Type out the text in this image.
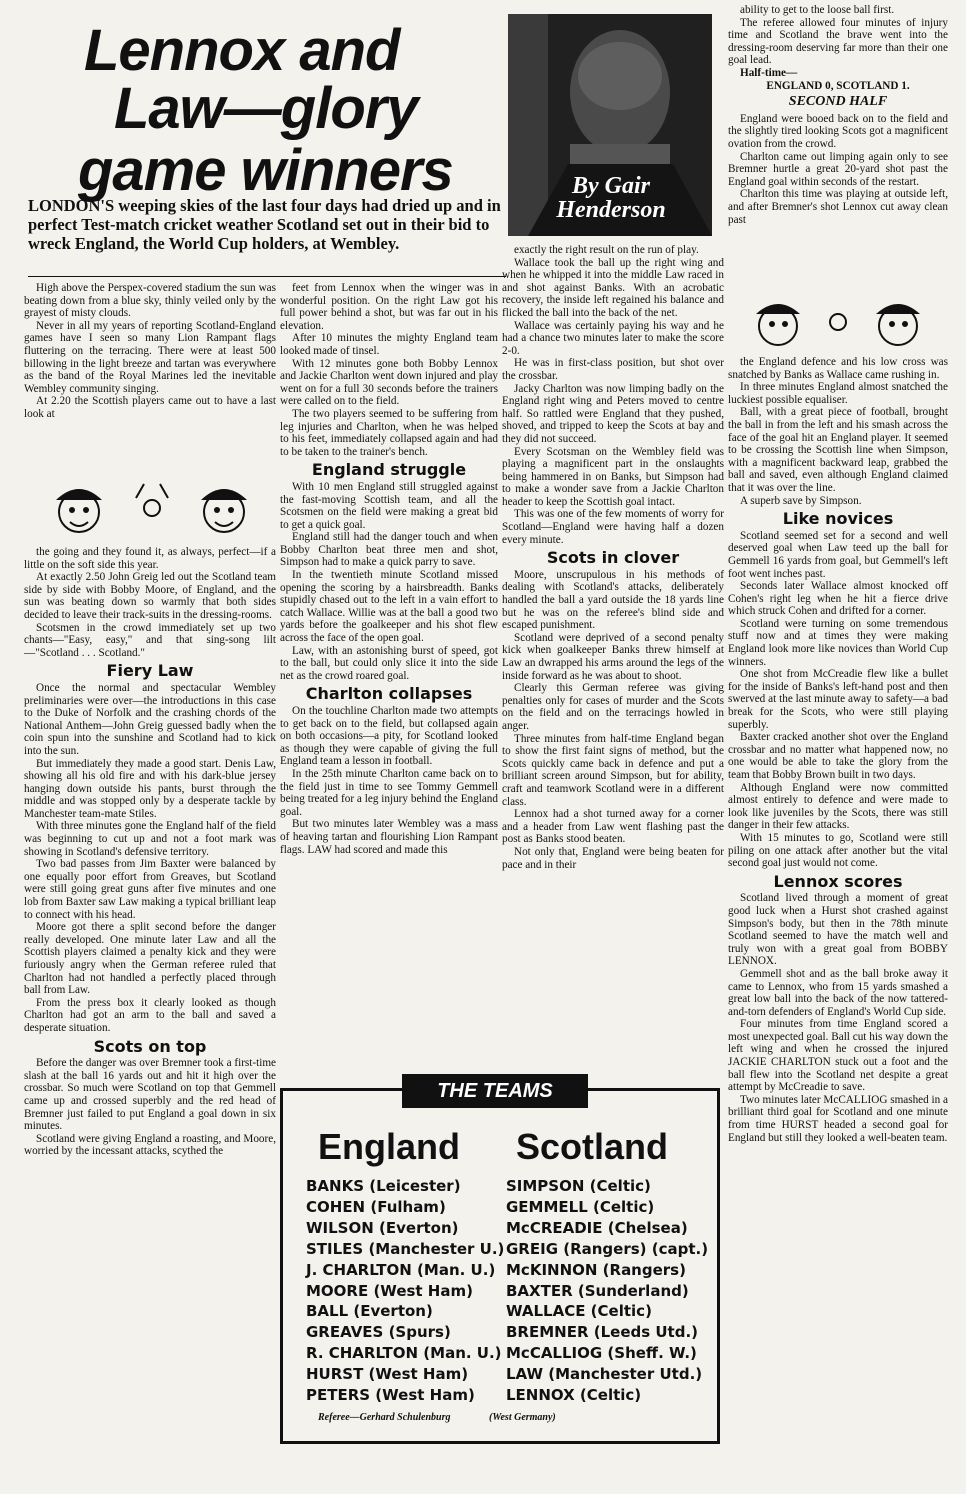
Lennox and
Law—glory
game winners	By Gair
Henderson
LONDON'S weeping skies of the last four days had dried up and in perfect Test-match cricket weather Scotland set out in their bid to wreck England, the World Cup holders, at Wembley.

High above the Perspex-covered stadium the sun was beating down from a blue sky, thinly veiled only by the grayest of misty clouds.

Never in all my years of reporting Scotland-England games have I seen so many Lion Rampant flags fluttering on the terracing. There were at least 500 billowing in the light breeze and tartan was everywhere as the band of the Royal Marines led the inevitable Wembley community singing.

At 2.20 the Scottish players came out to have a last look at

the going and they found it, as always, perfect—if a little on the soft side this year.

At exactly 2.50 John Greig led out the Scotland team side by side with Bobby Moore, of England, and the sun was beating down so warmly that both sides decided to leave their track-suits in the dressing-rooms.

Scotsmen in the crowd immediately set up two chants—"Easy, easy," and that sing-song lilt—"Scotland . . . Scotland."

Fiery Law

Once the normal and spectacular Wembley preliminaries were over—the introductions in this case to the Duke of Norfolk and the crashing chords of the National Anthem—John Greig guessed badly when the coin spun into the sunshine and Scotland had to kick into the sun.

But immediately they made a good start. Denis Law, showing all his old fire and with his dark-blue jersey hanging down outside his pants, burst through the middle and was stopped only by a desperate tackle by Manchester team-mate Stiles.

With three minutes gone the England half of the field was beginning to cut up and not a foot mark was showing in Scotland's defensive territory.

Two bad passes from Jim Baxter were balanced by one equally poor effort from Greaves, but Scotland were still going great guns after five minutes and one lob from Baxter saw Law making a typical brilliant leap to connect with his head.

Moore got there a split second before the danger really developed. One minute later Law and all the Scottish players claimed a penalty kick and they were furiously angry when the German referee ruled that Charlton had not handled a perfectly placed through ball from Law.

From the press box it clearly looked as though Charlton had got an arm to the ball and saved a desperate situation.

Scots on top

Before the danger was over Bremner took a first-time slash at the ball 16 yards out and hit it high over the crossbar. So much were Scotland on top that Gemmell came up and crossed superbly and the red head of Bremner just failed to put England a goal down in six minutes.

Scotland were giving England a roasting, and Moore, worried by the incessant attacks, scythed the

feet from Lennox when the winger was in wonderful position. On the right Law got his full power behind a shot, but was far out in his elevation.

After 10 minutes the mighty England team looked made of tinsel.

With 12 minutes gone both Bobby Lennox and Jackie Charlton went down injured and play went on for a full 30 seconds before the trainers were called on to the field.

The two players seemed to be suffering from leg injuries and Charlton, when he was helped to his feet, immediately collapsed again and had to be taken to the trainer's bench.

England struggle

With 10 men England still struggled against the fast-moving Scottish team, and all the Scotsmen on the field were making a great bid to get a quick goal.

England still had the danger touch and when Bobby Charlton beat three men and shot, Simpson had to make a quick parry to save.

In the twentieth minute Scotland missed opening the scoring by a hairsbreadth. Banks stupidly chased out to the left in a vain effort to catch Wallace. Willie was at the ball a good two yards before the goalkeeper and his shot flew across the face of the open goal.

Law, with an astonishing burst of speed, got to the ball, but could only slice it into the side net as the crowd roared goal.

Charlton collapses

On the touchline Charlton made two attempts to get back on to the field, but collapsed again on both occasions—a pity, for Scotland looked as though they were capable of giving the full England team a lesson in football.

In the 25th minute Charlton came back on to the field just in time to see Tommy Gemmell being treated for a leg injury behind the England goal.

But two minutes later Wembley was a mass of heaving tartan and flourishing Lion Rampant flags. LAW had scored and made this

exactly the right result on the run of play.

Wallace took the ball up the right wing and when he whipped it into the middle Law raced in and shot against Banks. With an acrobatic recovery, the inside left regained his balance and flicked the ball into the back of the net.

Wallace was certainly paying his way and he had a chance two minutes later to make the score 2-0.

He was in first-class position, but shot over the crossbar.

Jacky Charlton was now limping badly on the England right wing and Peters moved to centre half. So rattled were England that they pushed, shoved, and tripped to keep the Scots at bay and they did not succeed.

Every Scotsman on the Wembley field was playing a magnificent part in the onslaughts being hammered in on Banks, but Simpson had to make a wonder save from a Jackie Charlton header to keep the Scottish goal intact.

This was one of the few moments of worry for Scotland—England were having half a dozen every minute.

Scots in clover

Moore, unscrupulous in his methods of dealing with Scotland's attacks, deliberately handled the ball a yard outside the 18 yards line but he was on the referee's blind side and escaped punishment.

Scotland were deprived of a second penalty kick when goalkeeper Banks threw himself at Law an dwrapped his arms around the legs of the inside forward as he was about to shoot.

Clearly this German referee was giving penalties only for cases of murder and the Scots on the field and on the terracings howled in anger.

Three minutes from half-time England began to show the first faint signs of method, but the Scots quickly came back in defence and put a brilliant screen around Simpson, but for ability, craft and teamwork Scotland were in a different class.

Lennox had a shot turned away for a corner and a header from Law went flashing past the post as Banks stood beaten.

Not only that, England were being beaten for pace and in their

ability to get to the loose ball first.

The referee allowed four minutes of injury time and Scotland the brave went into the dressing-room deserving far more than their one goal lead.

Half-time—

ENGLAND 0, SCOTLAND 1.
SECOND HALF

England were booed back on to the field and the slightly tired looking Scots got a magnificent ovation from the crowd.

Charlton came out limping again only to see Bremner hurtle a great 20-yard shot past the England goal within seconds of the restart.

Charlton this time was playing at outside left, and after Bremner's shot Lennox cut away clean past

the England defence and his low cross was snatched by Banks as Wallace came rushing in.

In three minutes England almost snatched the luckiest possible equaliser.

Ball, with a great piece of football, brought the ball in from the left and his smash across the face of the goal hit an England player. It seemed to be crossing the Scottish line when Simpson, with a magnificent backward leap, grabbed the ball and saved, even although England claimed that it was over the line.

A superb save by Simpson.

Like novices

Scotland seemed set for a second and well deserved goal when Law teed up the ball for Gemmell 16 yards from goal, but Gemmell's left foot went inches past.

Seconds later Wallace almost knocked off Cohen's right leg when he hit a fierce drive which struck Cohen and drifted for a corner.

Scotland were turning on some tremendous stuff now and at times they were making England look more like novices than World Cup winners.

One shot from McCreadie flew like a bullet for the inside of Banks's left-hand post and then swerved at the last minute away to safety—a bad break for the Scots, who were still playing superbly.

Baxter cracked another shot over the England crossbar and no matter what happened now, no one would be able to take the glory from the team that Bobby Brown built in two days.

Although England were now committed almost entirely to defence and were made to look like juveniles by the Scots, there was still danger in their few attacks.

With 15 minutes to go, Scotland were still piling on one attack after another but the vital second goal just would not come.

Lennox scores

Scotland lived through a moment of great good luck when a Hurst shot crashed against Simpson's body, but then in the 78th minute Scotland seemed to have the match well and truly won with a great goal from BOBBY LENNOX.

Gemmell shot and as the ball broke away it came to Lennox, who from 15 yards smashed a great low ball into the back of the now tattered-and-torn defenders of England's World Cup side.

Four minutes from time England scored a most unexpected goal. Ball cut his way down the left wing and when he crossed the injured JACKIE CHARLTON stuck out a foot and the ball flew into the Scotland net despite a great attempt by McCreadie to save.

Two minutes later McCALLIOG smashed in a brilliant third goal for Scotland and one minute from time HURST headed a second goal for England but still they looked a well-beaten team.

THE TEAMS
England Scotland
BANKS (Leicester)
COHEN (Fulham)
WILSON (Everton)
STILES (Manchester U.)
J. CHARLTON (Man. U.)
MOORE (West Ham)
BALL (Everton)
GREAVES (Spurs)
R. CHARLTON (Man. U.)
HURST (West Ham)
PETERS (West Ham)
SIMPSON (Celtic)
GEMMELL (Celtic)
McCREADIE (Chelsea)
GREIG (Rangers) (capt.)
McKINNON (Rangers)
BAXTER (Sunderland)
WALLACE (Celtic)
BREMNER (Leeds Utd.)
McCALLIOG (Sheff. W.)
LAW (Manchester Utd.)
LENNOX (Celtic)
Referee—Gerhard Schulenburg	(West Germany)
